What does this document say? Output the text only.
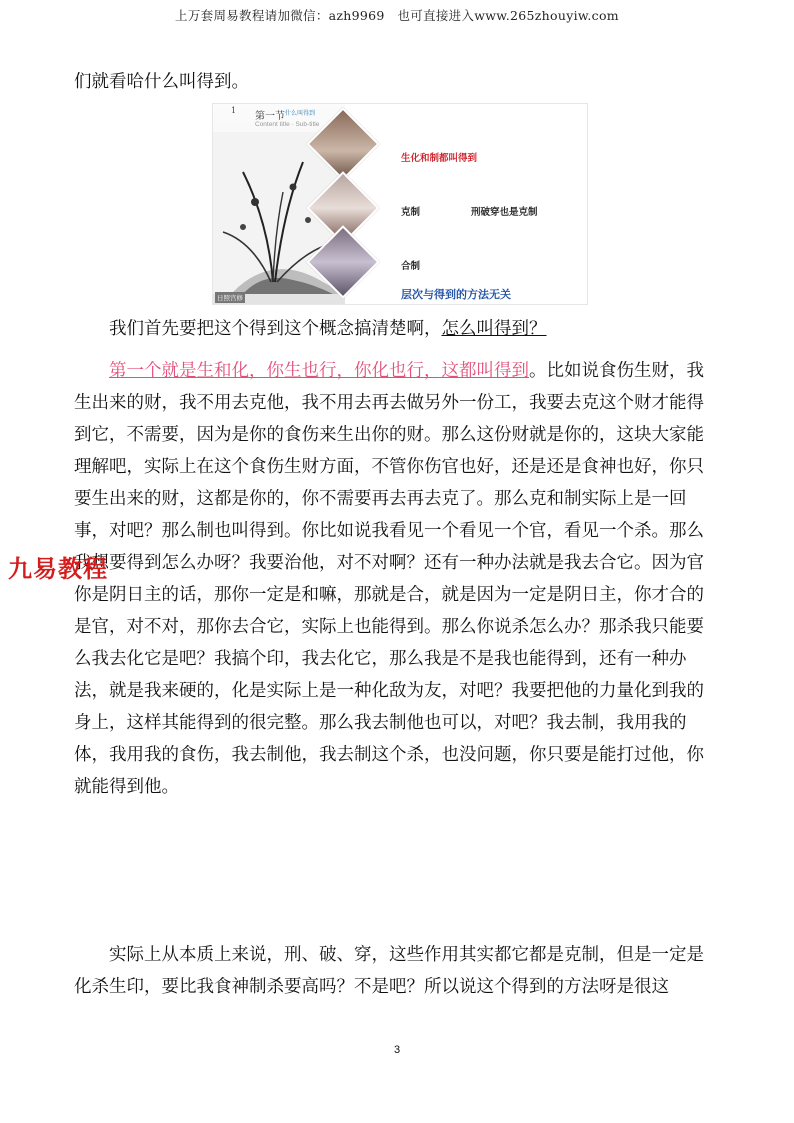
上万套周易教程请加微信：azh9969　也可直接进入www.265zhouyiw.com
们就看哈什么叫得到。
1
第一节 什么叫得到
Content title · Sub-title
日照宫修
生化和制都叫得到
克制	刑破穿也是克制
合制
层次与得到的方法无关
我们首先要把这个得到这个概念搞清楚啊，怎么叫得到？
第一个就是生和化，你生也行，你化也行，这都叫得到。比如说食伤生财，我生出来的财，我不用去克他，我不用去再去做另外一份工，我要去克这个财才能得到它，不需要，因为是你的食伤来生出你的财。那么这份财就是你的，这块大家能理解吧，实际上在这个食伤生财方面，不管你伤官也好，还是还是食神也好，你只要生出来的财，这都是你的，你不需要再去再去克了。那么克和制实际上是一回事，对吧？那么制也叫得到。你比如说我看见一个看见一个官，看见一个杀。那么我想要得到怎么办呀？我要治他，对不对啊？还有一种办法就是我去合它。因为官你是阴日主的话，那你一定是和嘛，那就是合，就是因为一定是阴日主，你才合的是官，对不对，那你去合它，实际上也能得到。那么你说杀怎么办？那杀我只能要么我去化它是吧？我搞个印，我去化它，那么我是不是我也能得到，还有一种办法，就是我来硬的，化是实际上是一种化敌为友，对吧？我要把他的力量化到我的身上，这样其能得到的很完整。那么我去制他也可以，对吧？我去制，我用我的体，我用我的食伤，我去制他，我去制这个杀，也没问题，你只要是能打过他，你就能得到他。
实际上从本质上来说，刑、破、穿，这些作用其实都它都是克制，但是一定是化杀生印，要比我食神制杀要高吗？不是吧？所以说这个得到的方法呀是很这
九易教程
3
